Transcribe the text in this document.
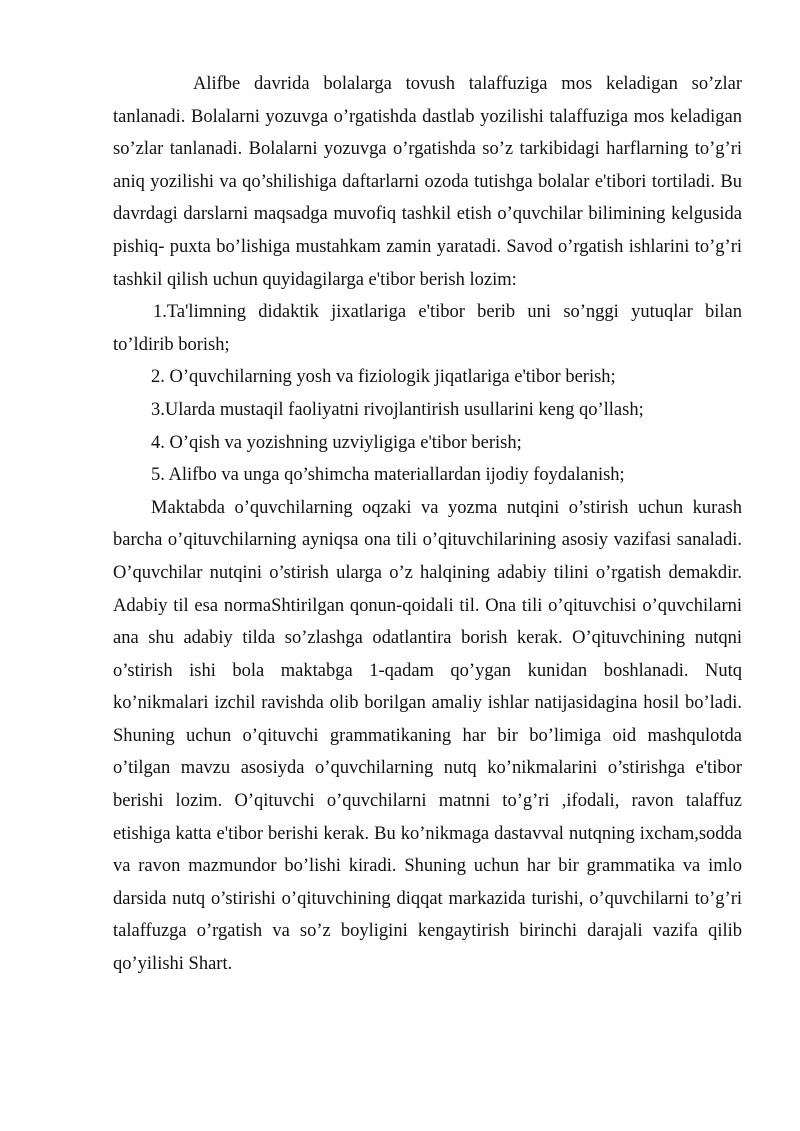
Alifbe davrida bolalarga tovush talaffuziga mos keladigan so’zlar tanlanadi. Bolalarni yozuvga o’rgatishda dastlab yozilishi talaffuziga mos keladigan so’zlar tanlanadi. Bolalarni yozuvga o’rgatishda so’z tarkibidagi harflarning to’g’ri aniq yozilishi va qo’shilishiga daftarlarni ozoda tutishga bolalar e'tibori tortiladi. Bu davrdagi darslarni maqsadga muvofiq tashkil etish o’quvchilar bilimining kelgusida pishiq- puxta bo’lishiga mustahkam zamin yaratadi. Savod o’rgatish ishlarini to’g’ri tashkil qilish uchun quyidagilarga e'tibor berish lozim:

1.Ta'limning didaktik jixatlariga e'tibor berib uni so’nggi yutuqlar bilan to’ldirib borish;

2. O’quvchilarning yosh va fiziologik jiqatlariga e'tibor berish;

3.Ularda mustaqil faoliyatni rivojlantirish usullarini keng qo’llash;

4. O’qish va yozishning uzviyligiga e'tibor berish;

5. Alifbo va unga qo’shimcha materiallardan ijodiy foydalanish;

Maktabda o’quvchilarning oqzaki va yozma nutqini o’stirish uchun kurash barcha o’qituvchilarning ayniqsa ona tili o’qituvchilarining asosiy vazifasi sanaladi. O’quvchilar nutqini o’stirish ularga o’z halqining adabiy tilini o’rgatish demakdir. Adabiy til esa normaShtirilgan qonun-qoidali til. Ona tili o’qituvchisi o’quvchilarni ana shu adabiy tilda so’zlashga odatlantira borish kerak. O’qituvchining nutqni o’stirish ishi bola maktabga 1-qadam qo’ygan kunidan boshlanadi. Nutq ko’nikmalari izchil ravishda olib borilgan amaliy ishlar natijasidagina hosil bo’ladi. Shuning uchun o’qituvchi grammatikaning har bir bo’limiga oid mashqulotda o’tilgan mavzu asosiyda o’quvchilarning nutq ko’nikmalarini o’stirishga e'tibor berishi lozim. O’qituvchi o’quvchilarni matnni to’g’ri ,ifodali, ravon talaffuz etishiga katta e'tibor berishi kerak. Bu ko’nikmaga dastavval nutqning ixcham,sodda va ravon mazmundor bo’lishi kiradi. Shuning uchun har bir grammatika va imlo darsida nutq o’stirishi o’qituvchining diqqat markazida turishi, o’quvchilarni to’g’ri talaffuzga o’rgatish va so’z boyligini kengaytirish birinchi darajali vazifa qilib qo’yilishi Shart.
